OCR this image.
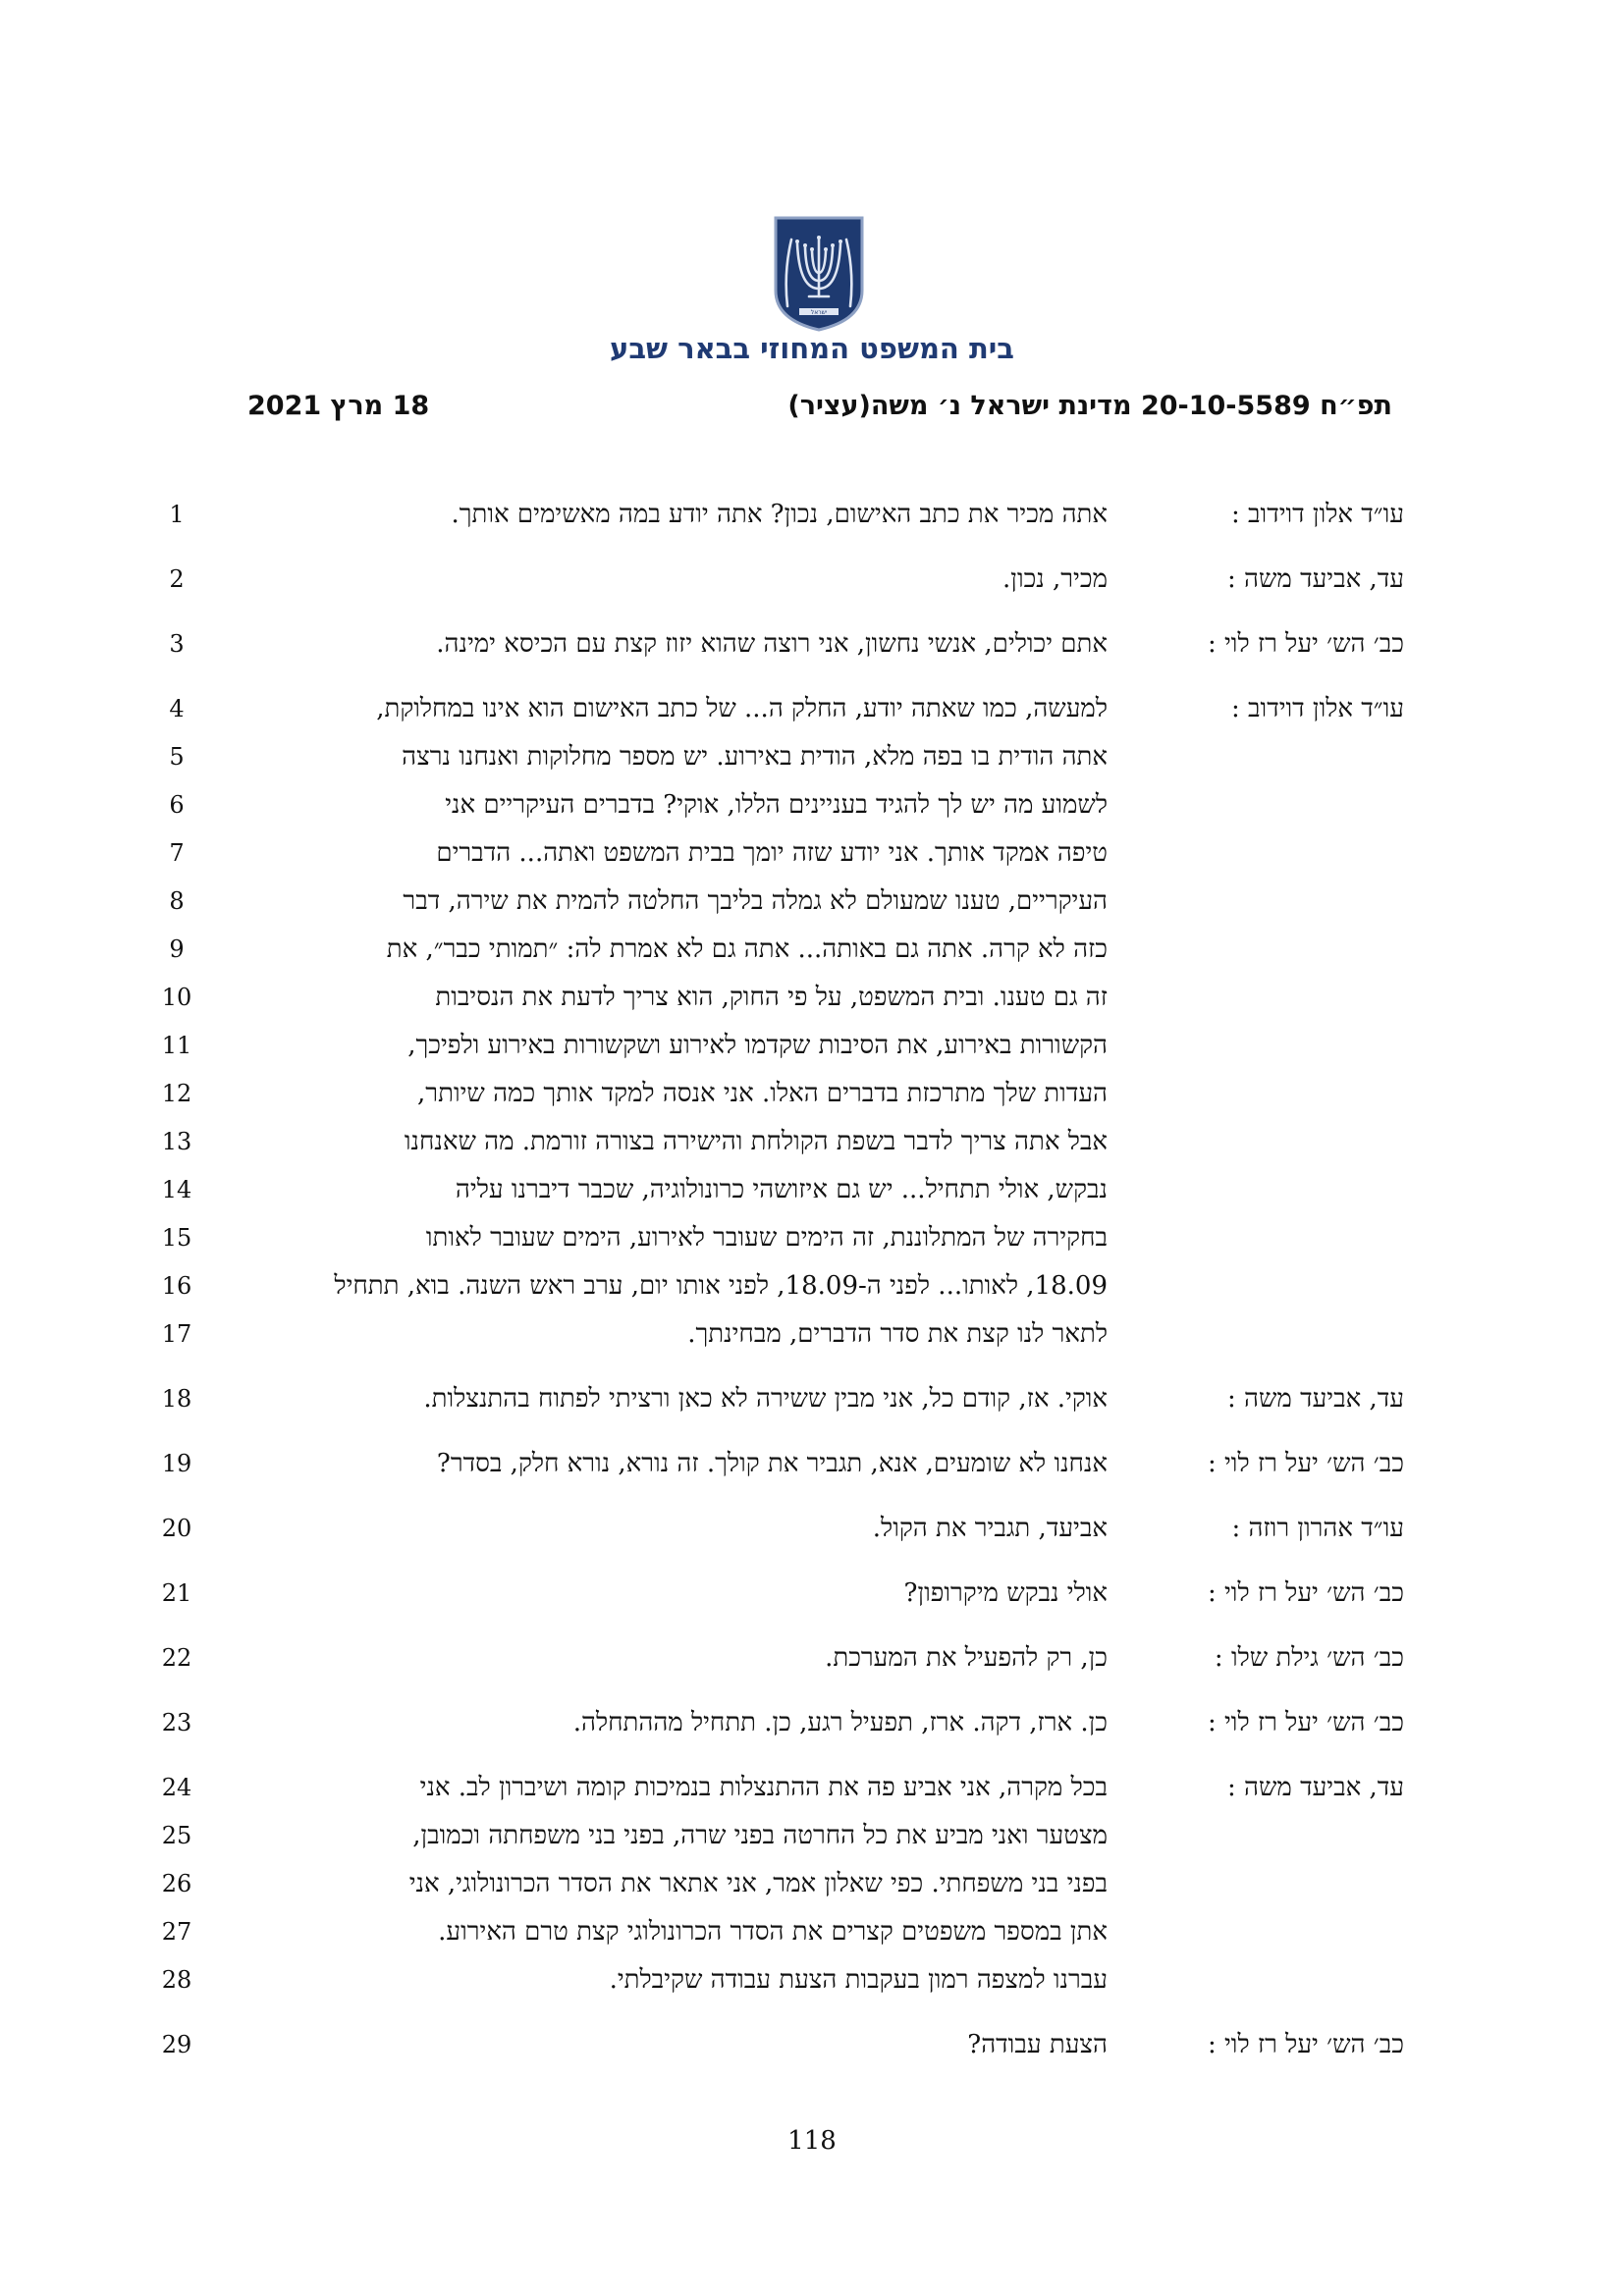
ישראל
בית המשפט המחוזי בבאר שבע
תפ״ח 20-10-5589 מדינת ישראל נ׳ משה(עציר)
18 מרץ 2021
עו״ד אלון דוידוב :
אתה מכיר את כתב האישום, נכון? אתה יודע במה מאשימים אותך.
1
עד, אביעד משה :
מכיר, נכון.
2
כב׳ הש׳ יעל רז לוי :
אתם יכולים, אנשי נחשון, אני רוצה שהוא יזוז קצת עם הכיסא ימינה.
3
עו״ד אלון דוידוב :
למעשה, כמו שאתה יודע, החלק ה... של כתב האישום הוא אינו במחלוקת,
אתה הודית בו בפה מלא, הודית באירוע. יש מספר מחלוקות ואנחנו נרצה
לשמוע מה יש לך להגיד בעניינים הללו, אוקי? בדברים העיקריים אני
טיפה אמקד אותך. אני יודע שזה יומך בבית המשפט ואתה... הדברים
העיקריים, טענו שמעולם לא גמלה בליבך החלטה להמית את שירה, דבר
כזה לא קרה. אתה גם באותה... אתה גם לא אמרת לה: ״תמותי כבר״, את
זה גם טענו. ובית המשפט, על פי החוק, הוא צריך לדעת את הנסיבות
הקשורות באירוע, את הסיבות שקדמו לאירוע ושקשורות באירוע ולפיכך,
העדות שלך מתרכזת בדברים האלו. אני אנסה למקד אותך כמה שיותר,
אבל אתה צריך לדבר בשפת הקולחת והישירה בצורה זורמת. מה שאנחנו
נבקש, אולי תתחיל... יש גם איזושהי כרונולוגיה, שכבר דיברנו עליה
בחקירה של המתלוננת, זה הימים שעובר לאירוע, הימים שעובר לאותו
18.09, לאותו... לפני ה-18.09, לפני אותו יום, ערב ראש השנה. בוא, תתחיל
לתאר לנו קצת את סדר הדברים, מבחינתך.
4
5
6
7
8
9
10
11
12
13
14
15
16
17
עד, אביעד משה :
אוקי. אז, קודם כל, אני מבין ששירה לא כאן ורציתי לפתוח בהתנצלות.
18
כב׳ הש׳ יעל רז לוי :
אנחנו לא שומעים, אנא, תגביר את קולך. זה נורא, נורא חלק, בסדר?
19
עו״ד אהרון רוזה :
אביעד, תגביר את הקול.
20
כב׳ הש׳ יעל רז לוי :
אולי נבקש מיקרופון?
21
כב׳ הש׳ גילת שלו :
כן, רק להפעיל את המערכת.
22
כב׳ הש׳ יעל רז לוי :
כן. ארז, דקה. ארז, תפעיל רגע, כן. תתחיל מההתחלה.
23
עד, אביעד משה :
בכל מקרה, אני אביע פה את ההתנצלות בנמיכות קומה ושיברון לב. אני
מצטער ואני מביע את כל החרטה בפני שרה, בפני בני משפחתה וכמובן,
בפני בני משפחתי. כפי שאלון אמר, אני אתאר את הסדר הכרונולוגי, אני
אתן במספר משפטים קצרים את הסדר הכרונולוגי קצת טרם האירוע.
עברנו למצפה רמון בעקבות הצעת עבודה שקיבלתי.
24
25
26
27
28
כב׳ הש׳ יעל רז לוי :
הצעת עבודה?
29
118
